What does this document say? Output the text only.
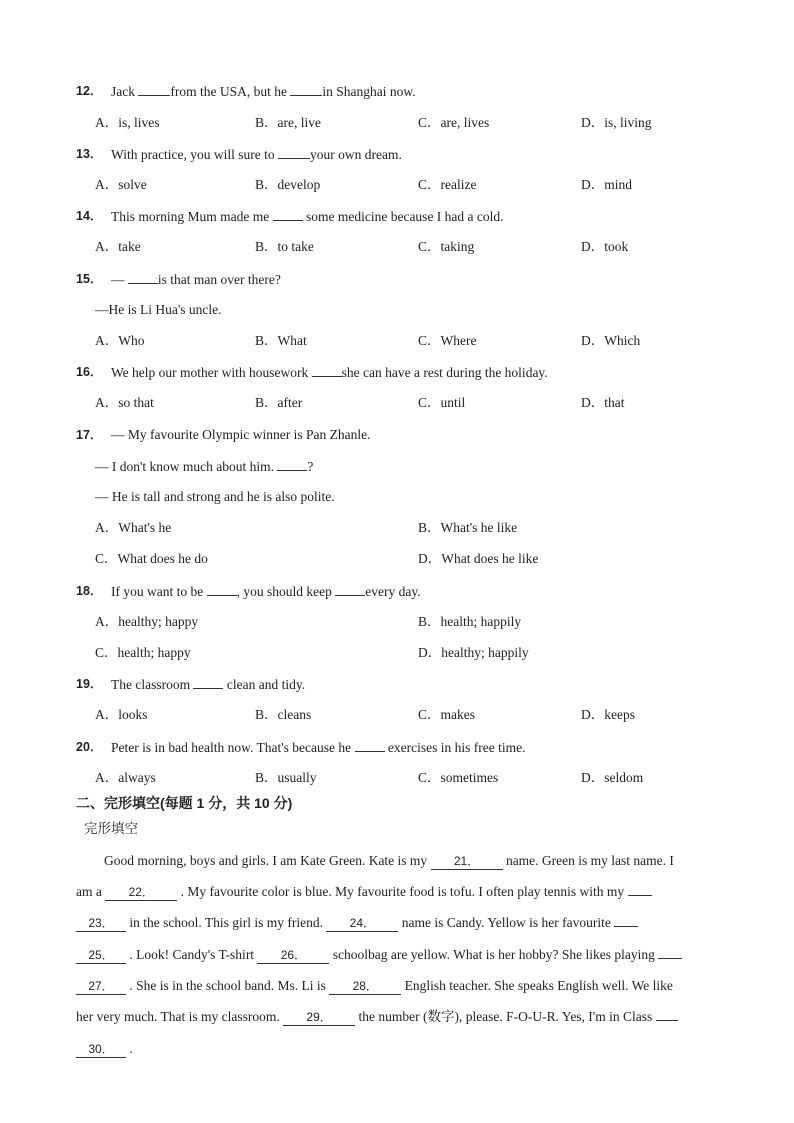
12． Jack	from the USA, but he	in Shanghai now.
A．is, lives	B．are, live	C．are, lives	D．is, living
13． With practice, you will sure to	your own dream.
A．solve	B．develop	C．realize	D．mind
14． This morning Mum made me	some medicine because I had a cold.
A．take	B．to take	C．taking	D．took
15． — is that man over there?
—He is Li Hua's uncle.
A．Who	B．What	C．Where	D．Which
16． We help our mother with housework she can have a rest during the holiday.
A．so that	B．after	C．until	D．that
17． — My favourite Olympic winner is Pan Zhanle.
— I don't know much about him. ?
— He is tall and strong and he is also polite.
A．What's he	B．What's he like
C．What does he do	D．What does he like
18． If you want to be , you should keep every day.
A．healthy; happy	B．health; happily
C．health; happy	D．healthy; happily
19． The classroom	clean and tidy.
A．looks	B．cleans	C．makes	D．keeps
20． Peter is in bad health now. That's because he	exercises in his free time.
A．always	B．usually	C．sometimes	D．seldom
二、完形填空(每题 1 分，共 10 分)
完形填空
Good morning, boys and girls. I am Kate Green. Kate is my 21． name. Green is my last name. I
am a 22． . My favourite color is blue. My favourite food is tofu. I often play tennis with my
23． in the school. This girl is my friend. 24． name is Candy. Yellow is her favourite
25． . Look! Candy's T-shirt 26． schoolbag are yellow. What is her hobby? She likes playing
27． . She is in the school band. Ms. Li is 28． English teacher. She speaks English well. We like
her very much. That is my classroom. 29． the number (数字), please. F-O-U-R. Yes, I'm in Class
30． .
